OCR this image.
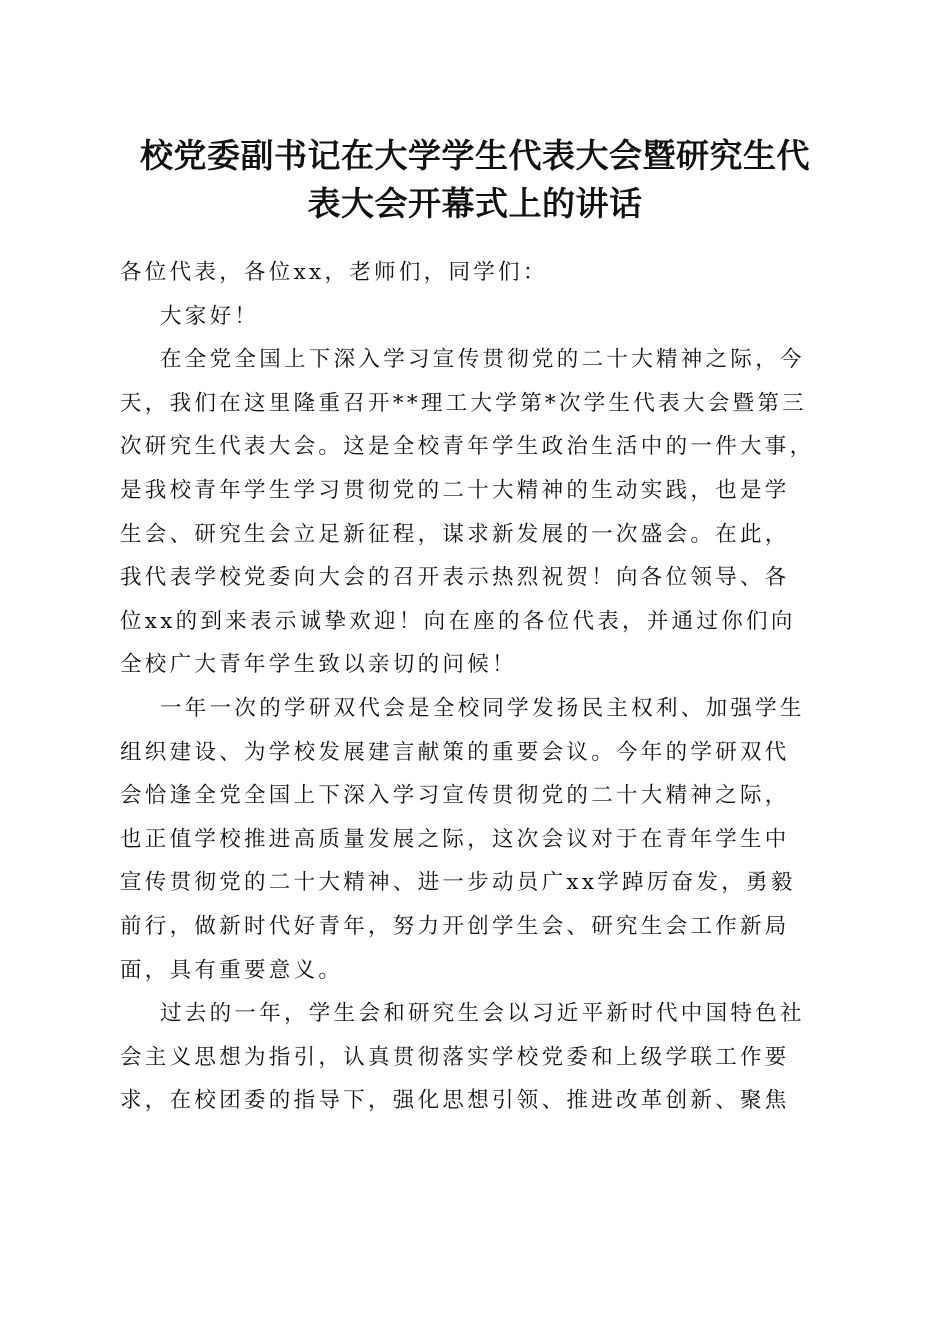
校党委副书记在大学学生代表大会暨研究生代
表大会开幕式上的讲话
各位代表，各位xx，老师们，同学们：
大家好！
在全党全国上下深入学习宣传贯彻党的二十大精神之际，今
天，我们在这里隆重召开**理工大学第*次学生代表大会暨第三
次研究生代表大会。这是全校青年学生政治生活中的一件大事，
是我校青年学生学习贯彻党的二十大精神的生动实践，也是学
生会、研究生会立足新征程，谋求新发展的一次盛会。在此，
我代表学校党委向大会的召开表示热烈祝贺！向各位领导、各
位xx的到来表示诚挚欢迎！向在座的各位代表，并通过你们向
全校广大青年学生致以亲切的问候！
一年一次的学研双代会是全校同学发扬民主权利、加强学生
组织建设、为学校发展建言献策的重要会议。今年的学研双代
会恰逢全党全国上下深入学习宣传贯彻党的二十大精神之际，
也正值学校推进高质量发展之际，这次会议对于在青年学生中
宣传贯彻党的二十大精神、进一步动员广xx学踔厉奋发，勇毅
前行，做新时代好青年，努力开创学生会、研究生会工作新局
面，具有重要意义。
过去的一年，学生会和研究生会以习近平新时代中国特色社
会主义思想为指引，认真贯彻落实学校党委和上级学联工作要
求，在校团委的指导下，强化思想引领、推进改革创新、聚焦
